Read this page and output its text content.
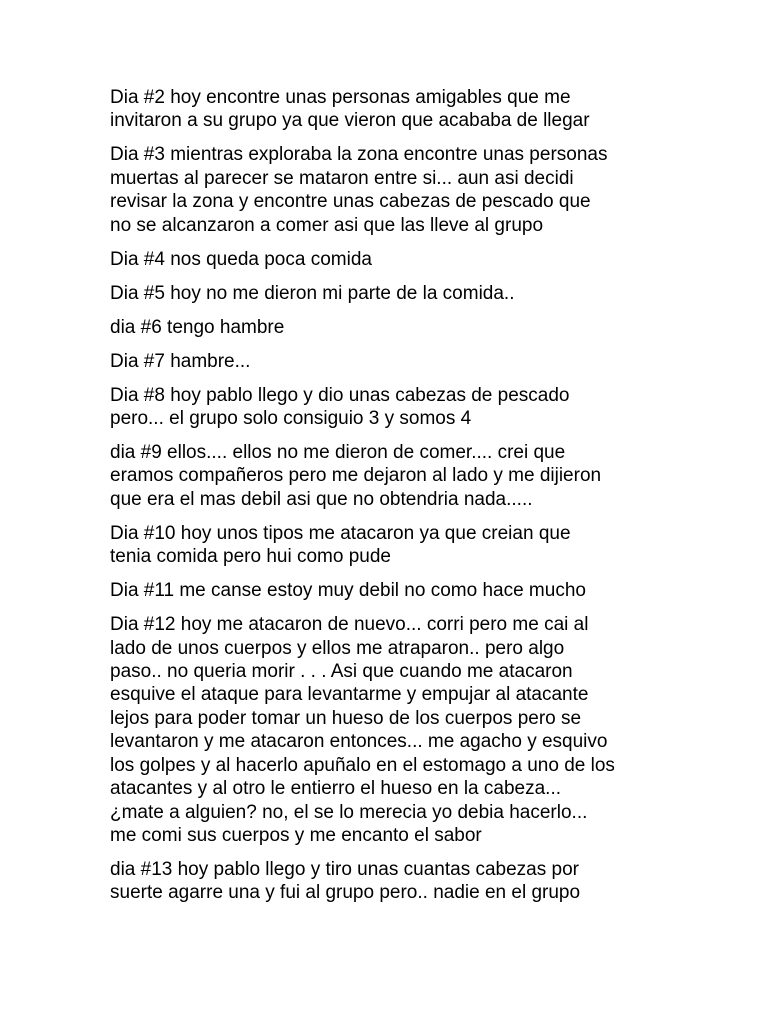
Dia #2 hoy encontre unas personas amigables que me
invitaron a su grupo ya que vieron que acababa de llegar
Dia #3 mientras exploraba la zona encontre unas personas
muertas al parecer se mataron entre si... aun asi decidi
revisar la zona y encontre unas cabezas de pescado que
no se alcanzaron a comer asi que las lleve al grupo
Dia #4 nos queda poca comida
Dia #5 hoy no me dieron mi parte de la comida..
dia #6 tengo hambre
Dia #7 hambre...
Dia #8 hoy pablo llego y dio unas cabezas de pescado
pero... el grupo solo consiguio 3 y somos 4
dia #9 ellos.... ellos no me dieron de comer.... crei que
eramos compañeros pero me dejaron al lado y me dijieron
que era el mas debil asi que no obtendria nada.....
Dia #10 hoy unos tipos me atacaron ya que creian que
tenia comida pero hui como pude
Dia #11 me canse estoy muy debil no como hace mucho
Dia #12 hoy me atacaron de nuevo... corri pero me cai al
lado de unos cuerpos y ellos me atraparon.. pero algo
paso.. no queria morir . . . Asi que cuando me atacaron
esquive el ataque para levantarme y empujar al atacante
lejos para poder tomar un hueso de los cuerpos pero se
levantaron y me atacaron entonces... me agacho y esquivo
los golpes y al hacerlo apuñalo en el estomago a uno de los
atacantes y al otro le entierro el hueso en la cabeza...
¿mate a alguien? no, el se lo merecia yo debia hacerlo...
me comi sus cuerpos y me encanto el sabor
dia #13 hoy pablo llego y tiro unas cuantas cabezas por
suerte agarre una y fui al grupo pero.. nadie en el grupo
